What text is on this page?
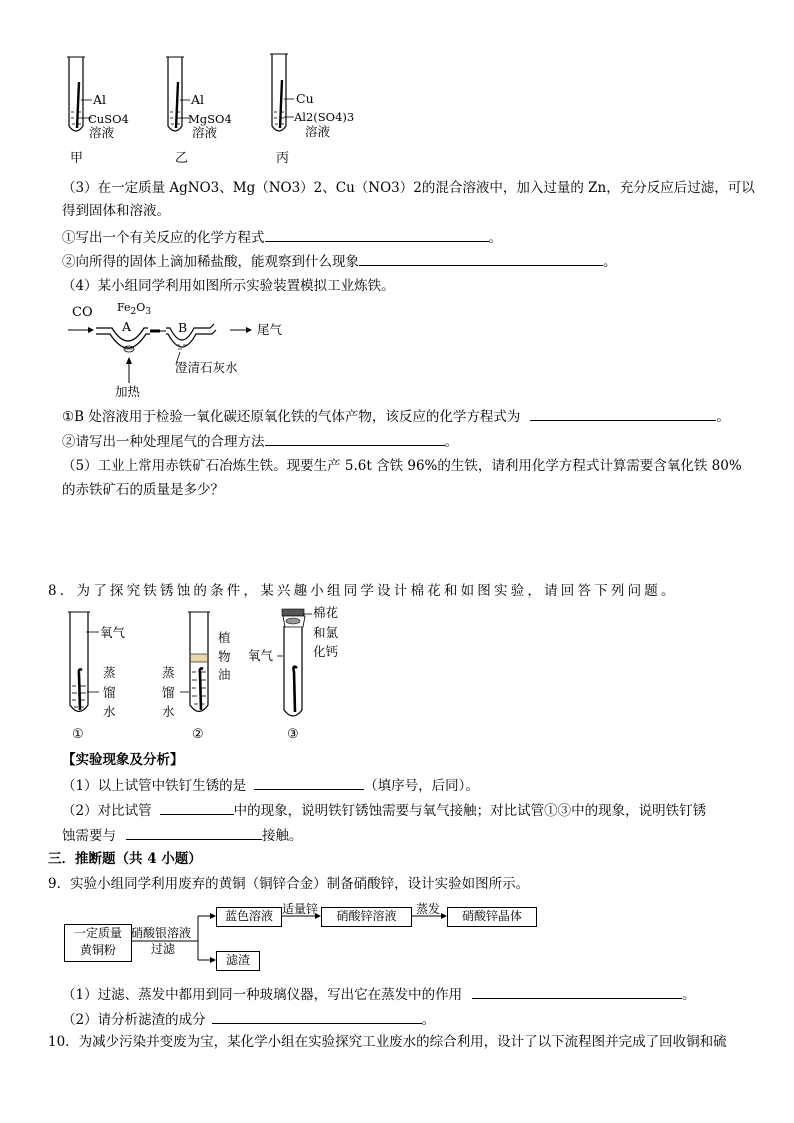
Al
CuSO4
溶液
甲
Al
MgSO4
溶液
乙
Cu
Al2(SO4)3
溶液
丙
（3）在一定质量 AgNO3、Mg（NO3）2、Cu（NO3）2的混合溶液中，加入过量的 Zn，充分反应后过滤，可以
得到固体和溶液。
①写出一个有关反应的化学方程式	。
②向所得的固体上滴加稀盐酸，能观察到什么现象	。
（4）某小组同学利用如图所示实验装置模拟工业炼铁。
CO $Fe_2O_3$
A	B	尾气
澄清石灰水
加热
①B 处溶液用于检验一氧化碳还原氧化铁的气体产物，该反应的化学方程式为	。
②请写出一种处理尾气的合理方法	。
（5）工业上常用赤铁矿石冶炼生铁。现要生产 5.6t 含铁 96%的生铁，请利用化学方程式计算需要含氧化铁 80%
的赤铁矿石的质量是多少？
8．为了探究铁锈蚀的条件，某兴趣小组同学设计棉花和如图实验，请回答下列问题。
氧气
蒸
馏
水
植
物
油
蒸
馏
水
棉花
和氯
化钙
氧气
①	②	③
【实验现象及分析】
（1）以上试管中铁钉生锈的是	（填序号，后同）。
（2）对比试管	中的现象，说明铁钉锈蚀需要与氧气接触；对比试管①③中的现象，说明铁钉锈
蚀需要与	接触。
三．推断题（共 4 小题）
9．实验小组同学利用废弃的黄铜（铜锌合金）制备硝酸锌，设计实验如图所示。
一定质量
黄铜粉
蓝色溶液	硝酸锌溶液	硝酸锌晶体
滤渣
硝酸银溶液
过滤
适量锌	蒸发
（1）过滤、蒸发中都用到同一种玻璃仪器，写出它在蒸发中的作用	。
（2）请分析滤渣的成分	。
10．为减少污染并变废为宝，某化学小组在实验探究工业废水的综合利用，设计了以下流程图并完成了回收铜和硫
